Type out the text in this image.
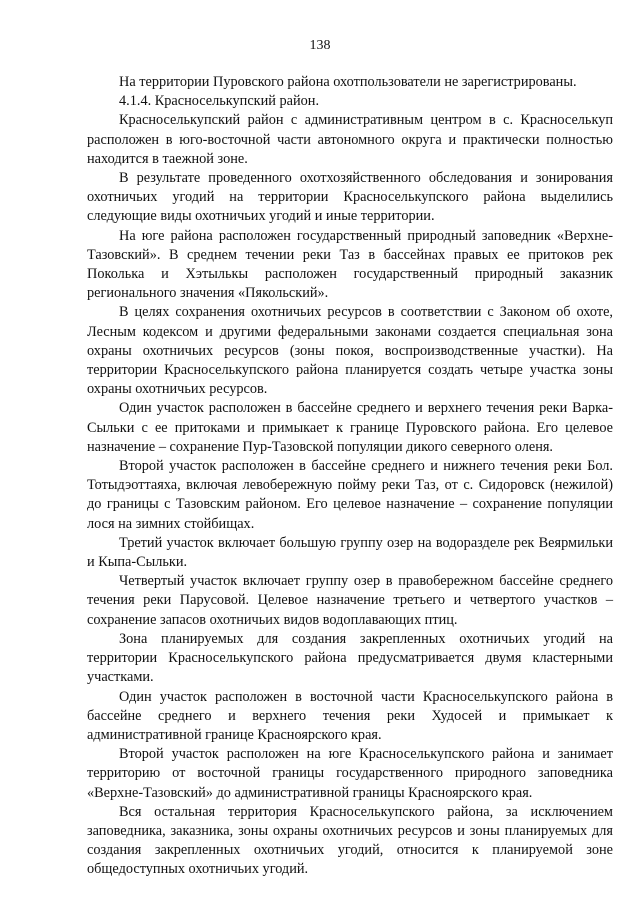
138

На территории Пуровского района охотпользователи не зарегистрированы.

4.1.4. Красноселькупский район.

Красноселькупский район с административным центром в с. Красноселькуп расположен в юго-восточной части автономного округа и практически полностью находится в таежной зоне.

В результате проведенного охотхозяйственного обследования и зонирования охотничьих угодий на территории Красноселькупского района выделились следующие виды охотничьих угодий и иные территории.

На юге района расположен государственный природный заповедник «Верхне-Тазовский». В среднем течении реки Таз в бассейнах правых ее притоков рек Поколька и Хэтылькы расположен государственный природный заказник регионального значения «Пякольский».

В целях сохранения охотничьих ресурсов в соответствии с Законом об охоте, Лесным кодексом и другими федеральными законами создается специальная зона охраны охотничьих ресурсов (зоны покоя, воспроизводственные участки). На территории Красноселькупского района планируется создать четыре участка зоны охраны охотничьих ресурсов.

Один участок расположен в бассейне среднего и верхнего течения реки Варка-Сыльки с ее притоками и примыкает к границе Пуровского района. Его целевое назначение – сохранение Пур-Тазовской популяции дикого северного оленя.

Второй участок расположен в бассейне среднего и нижнего течения реки Бол. Тотыдэоттаяха, включая левобережную пойму реки Таз, от с. Сидоровск (нежилой) до границы с Тазовским районом. Его целевое назначение – сохранение популяции лося на зимних стойбищах.

Третий участок включает большую группу озер на водоразделе рек Веярмильки и Кыпа-Сыльки.

Четвертый участок включает группу озер в правобережном бассейне среднего течения реки Парусовой. Целевое назначение третьего и четвертого участков – сохранение запасов охотничьих видов водоплавающих птиц.

Зона планируемых для создания закрепленных охотничьих угодий на территории Красноселькупского района предусматривается двумя кластерными участками.

Один участок расположен в восточной части Красноселькупского района в бассейне среднего и верхнего течения реки Худосей и примыкает к административной границе Красноярского края.

Второй участок расположен на юге Красноселькупского района и занимает территорию от восточной границы государственного природного заповедника «Верхне-Тазовский» до административной границы Красноярского края.

Вся остальная территория Красноселькупского района, за исключением заповедника, заказника, зоны охраны охотничьих ресурсов и зоны планируемых для создания закрепленных охотничьих угодий, относится к планируемой зоне общедоступных охотничьих угодий.
